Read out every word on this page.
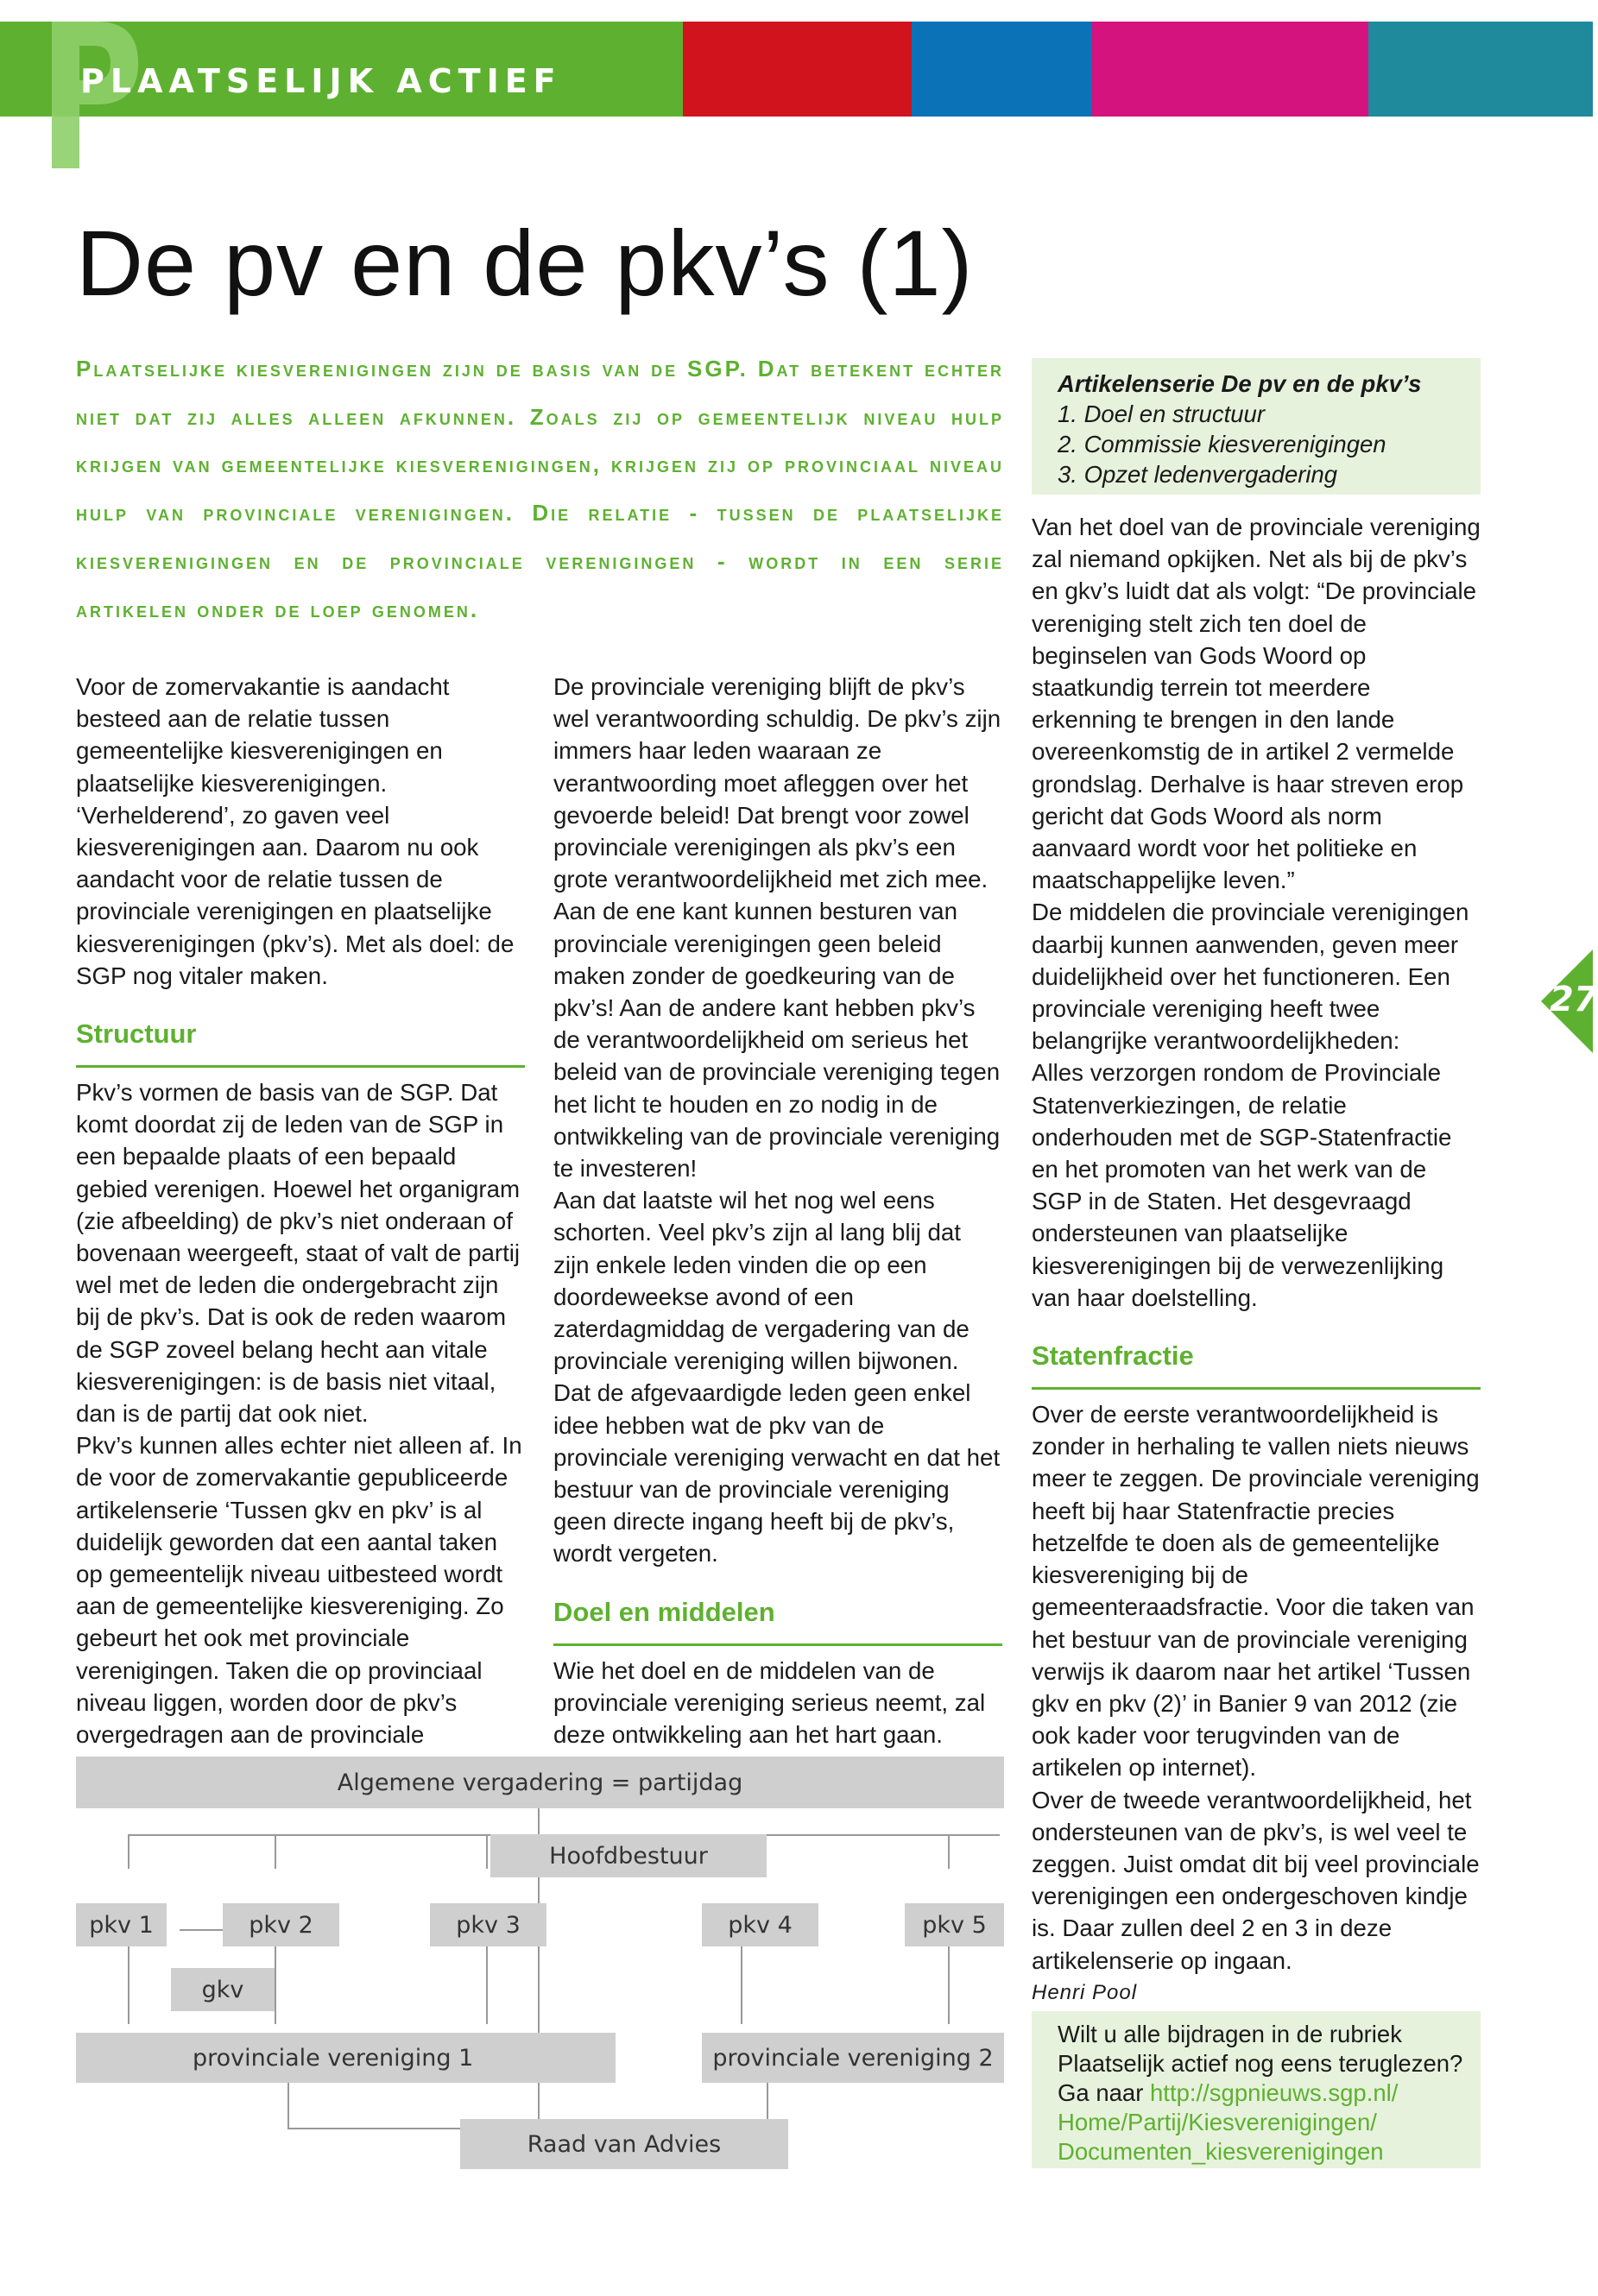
PLAATSELIJK ACTIEF
De pv en de pkv’s (1)
Plaatselijke kiesverenigingen zijn de basis van de SGP. Dat betekent echter niet dat zij alles alleen afkunnen. Zoals zij op gemeentelijk niveau hulp krijgen van gemeentelijke kiesverenigingen, krijgen zij op provinciaal niveau hulp van provinciale verenigingen. Die relatie - tussen de plaatselijke kiesverenigingen en de provinciale verenigingen - wordt in een serie artikelen onder de loep genomen.

Voor de zomervakantie is aandacht besteed aan de relatie tussen gemeentelijke kiesverenigingen en plaatselijke kiesverenigingen. ‘Verhelderend’, zo gaven veel kiesverenigingen aan. Daarom nu ook aandacht voor de relatie tussen de provinciale verenigingen en plaatselijke kiesverenigingen (pkv’s). Met als doel: de SGP nog vitaler maken.

Structuur

Pkv’s vormen de basis van de SGP. Dat komt doordat zij de leden van de SGP in een bepaalde plaats of een bepaald gebied verenigen. Hoewel het organigram (zie afbeelding) de pkv’s niet onderaan of bovenaan weergeeft, staat of valt de partij wel met de leden die ondergebracht zijn bij de pkv’s. Dat is ook de reden waarom de SGP zoveel belang hecht aan vitale kiesverenigingen: is de basis niet vitaal, dan is de partij dat ook niet.

Pkv’s kunnen alles echter niet alleen af. In de voor de zomervakantie gepubliceerde artikelenserie ‘Tussen gkv en pkv’ is al duidelijk geworden dat een aantal taken op gemeentelijk niveau uitbesteed wordt aan de gemeentelijke kiesvereniging. Zo gebeurt het ook met provinciale verenigingen. Taken die op provinciaal niveau liggen, worden door de pkv’s overgedragen aan de provinciale

De provinciale vereniging blijft de pkv’s wel verantwoording schuldig. De pkv’s zijn immers haar leden waaraan ze verantwoording moet afleggen over het gevoerde beleid! Dat brengt voor zowel provinciale verenigingen als pkv’s een grote verantwoordelijkheid met zich mee. Aan de ene kant kunnen besturen van provinciale verenigingen geen beleid maken zonder de goedkeuring van de pkv’s! Aan de andere kant hebben pkv’s de verantwoordelijkheid om serieus het beleid van de provinciale vereniging tegen het licht te houden en zo nodig in de ontwikkeling van de provinciale vereniging te investeren!

Aan dat laatste wil het nog wel eens schorten. Veel pkv’s zijn al lang blij dat zijn enkele leden vinden die op een doordeweekse avond of een zaterdagmiddag de vergadering van de provinciale vereniging willen bijwonen. Dat de afgevaardigde leden geen enkel idee hebben wat de pkv van de provinciale vereniging verwacht en dat het bestuur van de provinciale vereniging geen directe ingang heeft bij de pkv’s, wordt vergeten.

Doel en middelen

Wie het doel en de middelen van de provinciale vereniging serieus neemt, zal deze ontwikkeling aan het hart gaan.

Artikelenserie De pv en de pkv’s
1. Doel en structuur
2. Commissie kiesverenigingen
3. Opzet ledenvergadering

Van het doel van de provinciale vereniging zal niemand opkijken. Net als bij de pkv’s en gkv’s luidt dat als volgt: “De provinciale vereniging stelt zich ten doel de beginselen van Gods Woord op staatkundig terrein tot meerdere erkenning te brengen in den lande overeenkomstig de in artikel 2 vermelde grondslag. Derhalve is haar streven erop gericht dat Gods Woord als norm aanvaard wordt voor het politieke en maatschappelijke leven.”

De middelen die provinciale verenigingen daarbij kunnen aanwenden, geven meer duidelijkheid over het functioneren. Een provinciale vereniging heeft twee belangrijke verantwoordelijkheden:

Alles verzorgen rondom de Provinciale Statenverkiezingen, de relatie onderhouden met de SGP-Statenfractie en het promoten van het werk van de SGP in de Staten. Het desgevraagd ondersteunen van plaatselijke kiesverenigingen bij de verwezenlijking van haar doelstelling.

Statenfractie

Over de eerste verantwoordelijkheid is zonder in herhaling te vallen niets nieuws meer te zeggen. De provinciale vereniging heeft bij haar Statenfractie precies hetzelfde te doen als de gemeentelijke kiesvereniging bij de gemeenteraadsfractie. Voor die taken van het bestuur van de provinciale vereniging verwijs ik daarom naar het artikel ‘Tussen gkv en pkv (2)’ in Banier 9 van 2012 (zie ook kader voor terugvinden van de artikelen op internet).

Over de tweede verantwoordelijkheid, het ondersteunen van de pkv’s, is wel veel te zeggen. Juist omdat dit bij veel provinciale verenigingen een ondergeschoven kindje is. Daar zullen deel 2 en 3 in deze artikelenserie op ingaan.

Henri Pool

Wilt u alle bijdragen in de rubriek Plaatselijk actief nog eens teruglezen? Ga naar http://sgpnieuws.sgp.nl/
Home/Partij/Kiesverenigingen/
Documenten_kiesverenigingen
27
Algemene vergadering = partijdag
Hoofdbestuur
pkv 1	pkv 2	pkv 3	pkv 4	pkv 5
gkv
provinciale vereniging 1	provinciale vereniging 2
Raad van Advies
